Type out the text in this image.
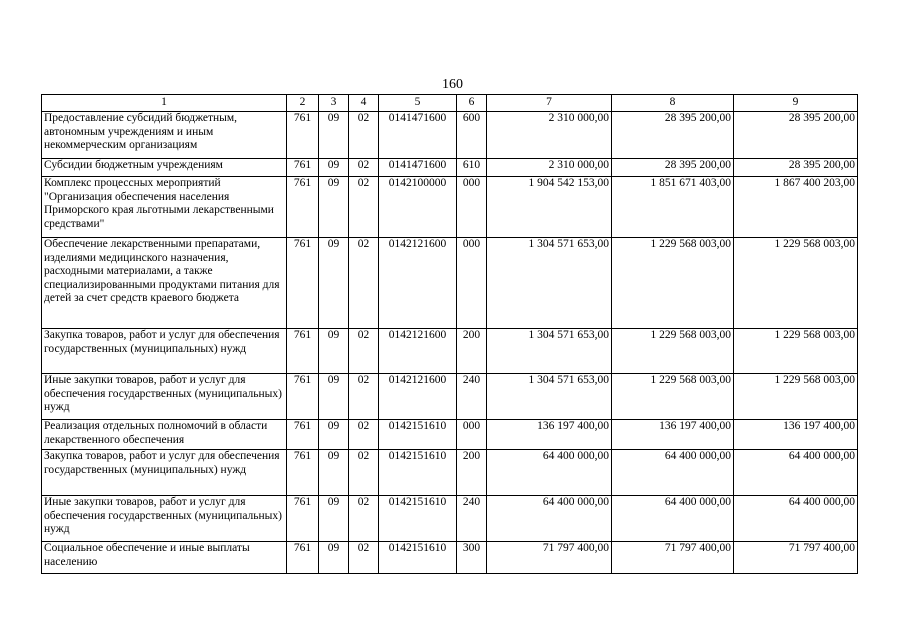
160
1	2	3	4	5	6	7	8	9
Предоставление субсидий бюджетным, автономным учреждениям и иным некоммерческим организациям	761	09	02	0141471600	600	2 310 000,00	28 395 200,00	28 395 200,00
Субсидии бюджетным учреждениям	761	09	02	0141471600	610	2 310 000,00	28 395 200,00	28 395 200,00
Комплекс процессных мероприятий "Организация обеспечения населения Приморского края льготными лекарственными средствами"	761	09	02	0142100000	000	1 904 542 153,00	1 851 671 403,00	1 867 400 203,00
Обеспечение лекарственными препаратами, изделиями медицинского назначения, расходными материалами, а также специализированными продуктами питания для детей за счет средств краевого бюджета	761	09	02	0142121600	000	1 304 571 653,00	1 229 568 003,00	1 229 568 003,00
Закупка товаров, работ и услуг для обеспечения государственных (муниципальных) нужд	761	09	02	0142121600	200	1 304 571 653,00	1 229 568 003,00	1 229 568 003,00
Иные закупки товаров, работ и услуг для обеспечения государственных (муниципальных) нужд	761	09	02	0142121600	240	1 304 571 653,00	1 229 568 003,00	1 229 568 003,00
Реализация отдельных полномочий в области лекарственного обеспечения	761	09	02	0142151610	000	136 197 400,00	136 197 400,00	136 197 400,00
Закупка товаров, работ и услуг для обеспечения государственных (муниципальных) нужд	761	09	02	0142151610	200	64 400 000,00	64 400 000,00	64 400 000,00
Иные закупки товаров, работ и услуг для обеспечения государственных (муниципальных) нужд	761	09	02	0142151610	240	64 400 000,00	64 400 000,00	64 400 000,00
Социальное обеспечение и иные выплаты населению	761	09	02	0142151610	300	71 797 400,00	71 797 400,00	71 797 400,00
